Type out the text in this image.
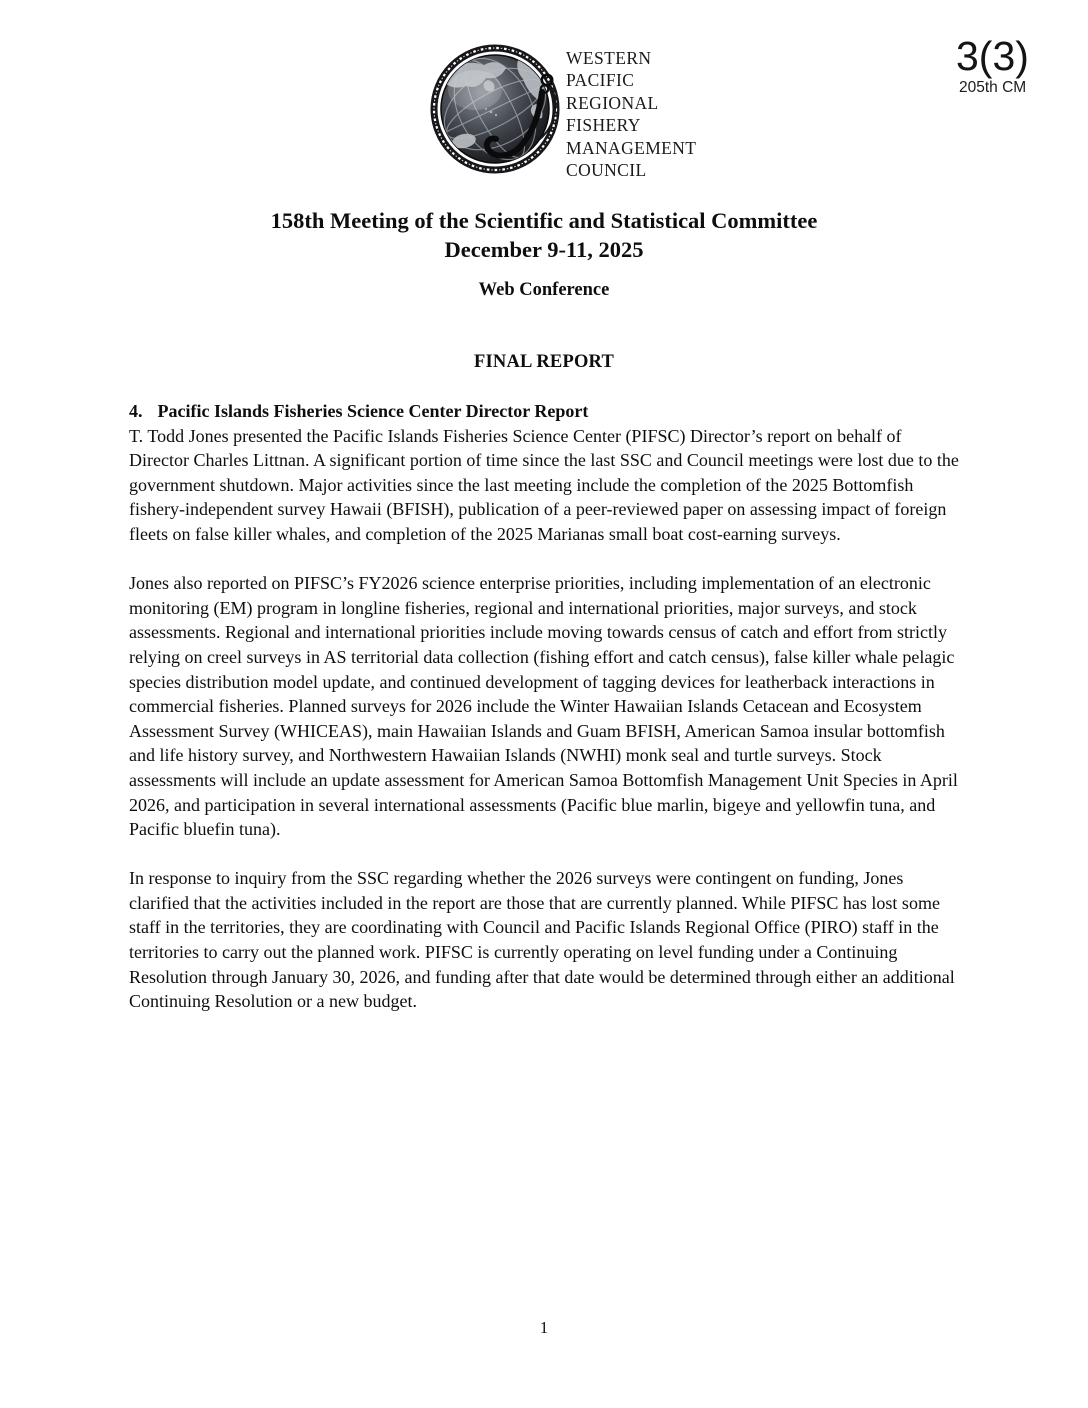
WESTERN
PACIFIC
REGIONAL
FISHERY
MANAGEMENT
COUNCIL
3(3)
205th CM
158th Meeting of the Scientific and Statistical Committee
December 9-11, 2025
Web Conference
FINAL REPORT
4. Pacific Islands Fisheries Science Center Director Report

T. Todd Jones presented the Pacific Islands Fisheries Science Center (PIFSC) Director’s report on behalf of Director Charles Littnan. A significant portion of time since the last SSC and Council meetings were lost due to the government shutdown. Major activities since the last meeting include the completion of the 2025 Bottomfish fishery-independent survey Hawaii (BFISH), publication of a peer-reviewed paper on assessing impact of foreign fleets on false killer whales, and completion of the 2025 Marianas small boat cost-earning surveys.

Jones also reported on PIFSC’s FY2026 science enterprise priorities, including implementation of an electronic monitoring (EM) program in longline fisheries, regional and international priorities, major surveys, and stock assessments. Regional and international priorities include moving towards census of catch and effort from strictly relying on creel surveys in AS territorial data collection (fishing effort and catch census), false killer whale pelagic species distribution model update, and continued development of tagging devices for leatherback interactions in commercial fisheries. Planned surveys for 2026 include the Winter Hawaiian Islands Cetacean and Ecosystem Assessment Survey (WHICEAS), main Hawaiian Islands and Guam BFISH, American Samoa insular bottomfish and life history survey, and Northwestern Hawaiian Islands (NWHI) monk seal and turtle surveys. Stock assessments will include an update assessment for American Samoa Bottomfish Management Unit Species in April 2026, and participation in several international assessments (Pacific blue marlin, bigeye and yellowfin tuna, and Pacific bluefin tuna).

In response to inquiry from the SSC regarding whether the 2026 surveys were contingent on funding, Jones clarified that the activities included in the report are those that are currently planned. While PIFSC has lost some staff in the territories, they are coordinating with Council and Pacific Islands Regional Office (PIRO) staff in the territories to carry out the planned work. PIFSC is currently operating on level funding under a Continuing Resolution through January 30, 2026, and funding after that date would be determined through either an additional Continuing Resolution or a new budget.

1
